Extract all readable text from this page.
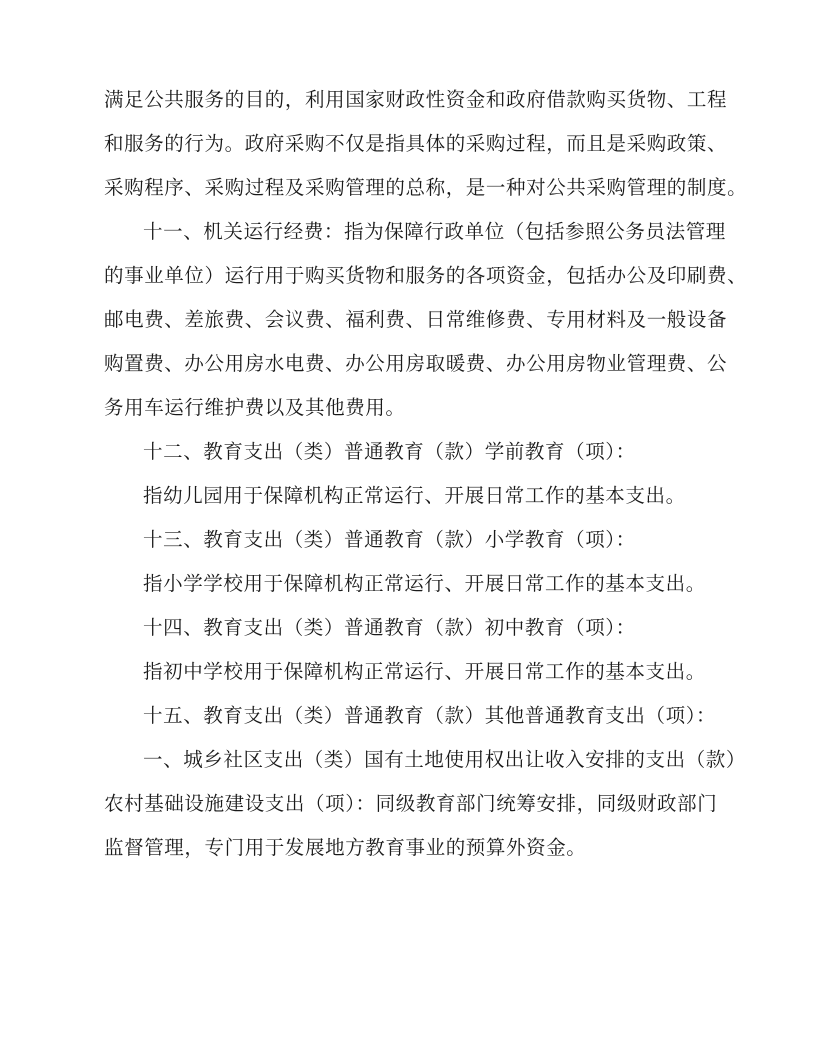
满足公共服务的目的，利用国家财政性资金和政府借款购买货物、工程
和服务的行为。政府采购不仅是指具体的采购过程，而且是采购政策、
采购程序、采购过程及采购管理的总称，是一种对公共采购管理的制度。
十一、机关运行经费：指为保障行政单位（包括参照公务员法管理
的事业单位）运行用于购买货物和服务的各项资金，包括办公及印刷费、
邮电费、差旅费、会议费、福利费、日常维修费、专用材料及一般设备
购置费、办公用房水电费、办公用房取暖费、办公用房物业管理费、公
务用车运行维护费以及其他费用。
十二、教育支出（类）普通教育（款）学前教育（项）：
指幼儿园用于保障机构正常运行、开展日常工作的基本支出。
十三、教育支出（类）普通教育（款）小学教育（项）：
指小学学校用于保障机构正常运行、开展日常工作的基本支出。
十四、教育支出（类）普通教育（款）初中教育（项）：
指初中学校用于保障机构正常运行、开展日常工作的基本支出。
十五、教育支出（类）普通教育（款）其他普通教育支出（项）：
一、城乡社区支出（类）国有土地使用权出让收入安排的支出（款）
农村基础设施建设支出（项）：同级教育部门统筹安排，同级财政部门
监督管理，专门用于发展地方教育事业的预算外资金。
